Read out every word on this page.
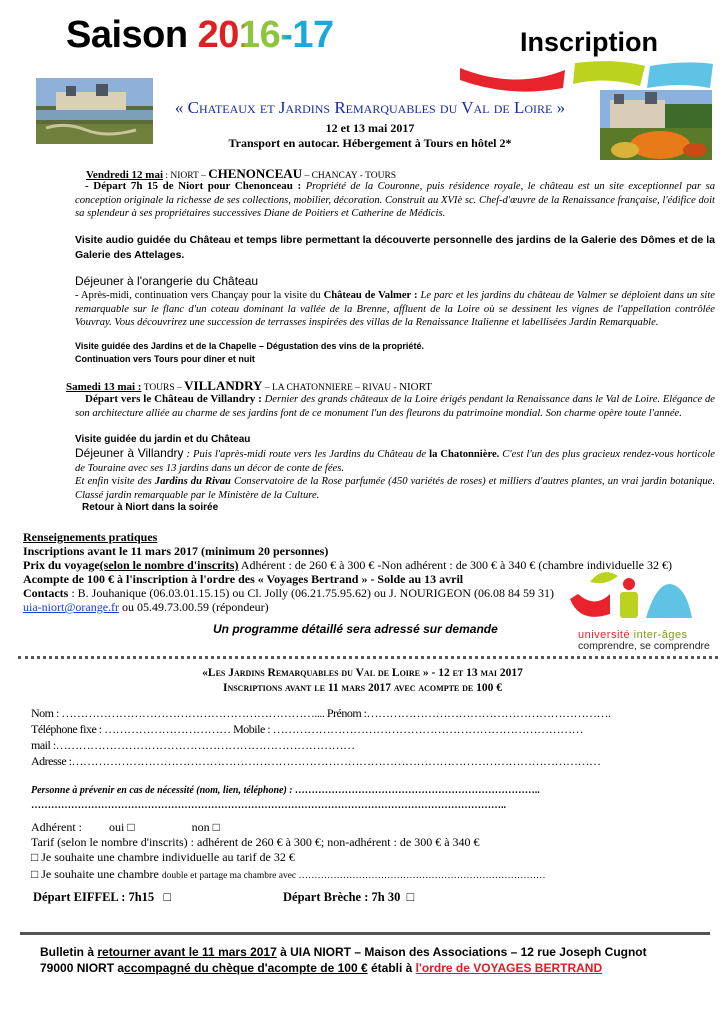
Saison 2016-17	Inscription
« Chateaux et Jardins Remarquables du Val de Loire »
12 et 13 mai 2017
Transport en autocar. Hébergement à Tours en hôtel 2*
Vendredi 12 mai : NIORT – CHENONCEAU – CHANCAY - TOURS
- Départ 7h 15 de Niort pour Chenonceau : Propriété de la Couronne, puis résidence royale, le château est un site exceptionnel par sa conception originale la richesse de ses collections, mobilier, décoration. Construit au XVIè sc. Chef-d'œuvre de la Renaissance française, l'édifice doit sa splendeur à ses propriétaires successives Diane de Poitiers et Catherine de Médicis.
Visite audio guidée du Château et temps libre permettant la découverte personnelle des jardins de la Galerie des Dômes et de la Galerie des Attelages.
Déjeuner à l'orangerie du Château
- Après-midi, continuation vers Chançay pour la visite du Château de Valmer : Le parc et les jardins du château de Valmer se déploient dans un site remarquable sur le flanc d'un coteau dominant la vallée de la Brenne, affluent de la Loire où se dessinent les vignes de l'appellation contrôlée Vouvray. Vous découvrirez une succession de terrasses inspirées des villas de la Renaissance Italienne et labellisées Jardin Remarquable.
Visite guidée des Jardins et de la Chapelle – Dégustation des vins de la propriété.
Continuation vers Tours pour dîner et nuit
Samedi 13 mai : TOURS – VILLANDRY – LA CHATONNIERE – RIVAU - NIORT
Départ vers le Château de Villandry : Dernier des grands châteaux de la Loire érigés pendant la Renaissance dans le Val de Loire. Elégance de son architecture alliée au charme de ses jardins font de ce monument l'un des fleurons du patrimoine mondial. Son charme opère toute l'année.
Visite guidée du jardin et du Château
Déjeuner à Villandry : Puis l'après-midi route vers les Jardins du Château de la Chatonnière. C'est l'un des plus gracieux rendez-vous horticole de Touraine avec ses 13 jardins dans un décor de conte de fées.
Et enfin visite des Jardins du Rivau Conservatoire de la Rose parfumée (450 variétés de roses) et milliers d'autres plantes, un vrai jardin botanique. Classé jardin remarquable par le Ministère de la Culture.
Retour à Niort dans la soirée
Renseignements pratiques
Inscriptions avant le 11 mars 2017 (minimum 20 personnes)
Prix du voyage(selon le nombre d'inscrits) Adhérent : de 260 € à 300 € -Non adhérent : de 300 € à 340 € (chambre individuelle 32 €)
Acompte de 100 € à l'inscription à l'ordre des « Voyages Bertrand » - Solde au 13 avril
Contacts : B. Jouhanique (06.03.01.15.15) ou Cl. Jolly (06.21.75.95.62) ou J. NOURIGEON (06.08 84 59 31)
uia-niort@orange.fr ou 05.49.73.00.59 (répondeur)
Un programme détaillé sera adressé sur demande	université inter-âges
comprendre, se comprendre
«Les Jardins Remarquables du Val de Loire » - 12 et 13 mai 2017
Inscriptions avant le 11 mars 2017 avec acompte de 100 €
Nom : ………………………………………………………….... Prénom :……………………………………………………….
Téléphone fixe : …………………………… Mobile : ………………………………………………………………………
mail :……………………………………………………………………
Adresse :…………………………………………………………………………………………………………………………
Personne à prévenir en cas de nécessité (nom, lien, téléphone) : ………………………………………………………………..
……………………………………………………………………………………………………………………………..
Adhérent :         oui □                   non □
Tarif (selon le nombre d'inscrits) : adhérent de 260 € à 300 €; non-adhérent : de 300 € à 340 €
□ Je souhaite une chambre individuelle au tarif de 32 €
□ Je souhaite une chambre double et partage ma chambre avec ……………………………………………………………………
Départ EIFFEL : 7h15   □	Départ Brèche : 7h 30  □
Bulletin à retourner avant le 11 mars 2017 à UIA NIORT – Maison des Associations – 12 rue Joseph Cugnot
79000 NIORT accompagné du chèque d'acompte de 100 € établi à l'ordre de VOYAGES BERTRAND
